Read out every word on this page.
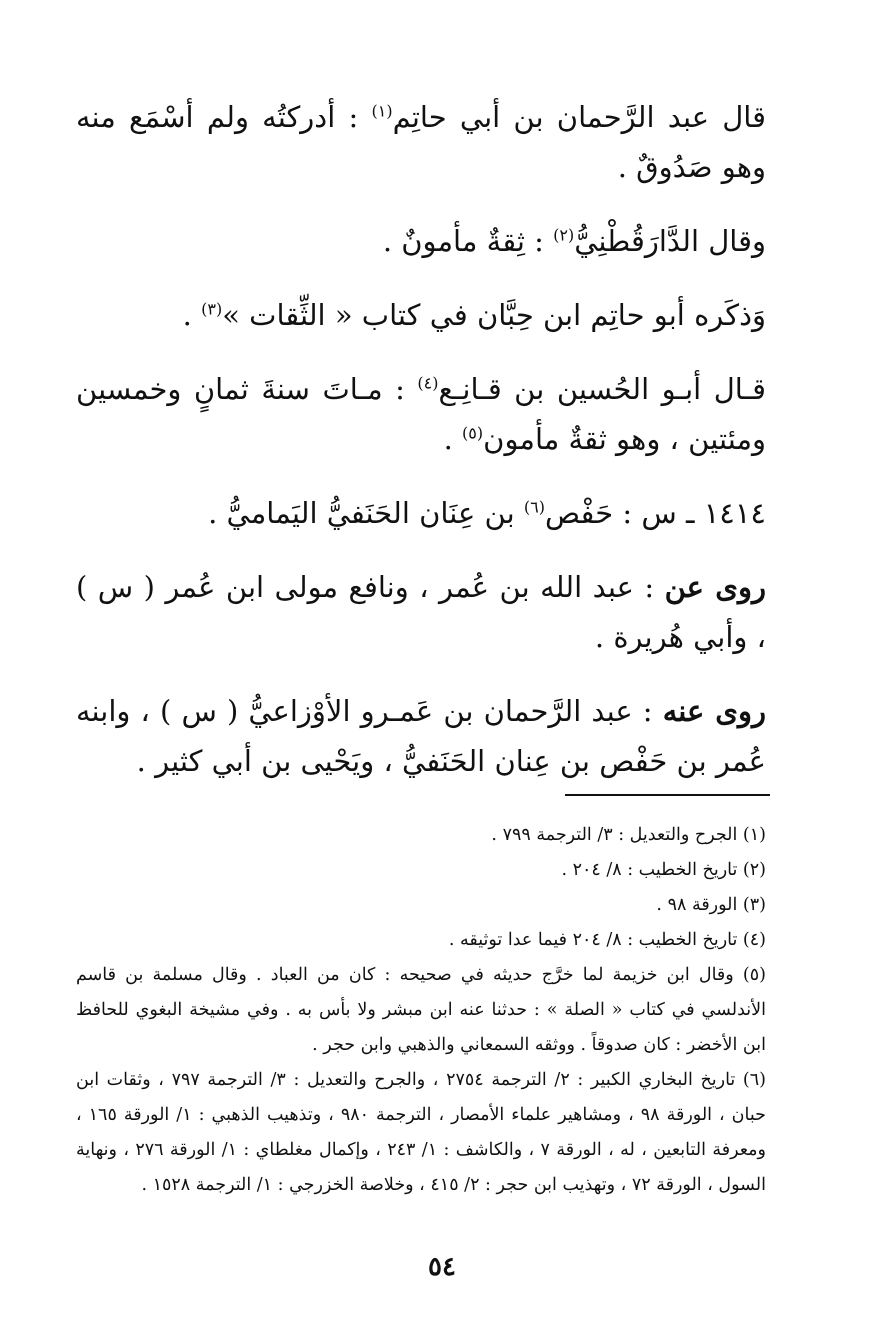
قال عبد الرَّحمان بن أبي حاتِم$^{(١)}$ : أدركتُه ولم أسْمَع منه وهو صَدُوقٌ .

وقال الدَّارَقُطْنِيُّ$^{(٢)}$ : ثِقةٌ مأمونٌ .

وَذكَره أبو حاتِم ابن حِبَّان في كتاب « الثِّقات »$^{(٣)}$ .

قـال أبـو الحُسين بن قـانِـع$^{(٤)}$ : مـاتَ سنةَ ثمانٍ وخمسين ومئتين ، وهو ثقةٌ مأمون$^{(٥)}$ .

١٤١٤ ـ س : حَفْص$^{(٦)}$ بن عِنَان الحَنَفيُّ اليَماميُّ .

روى عن : عبد الله بن عُمر ، ونافع مولى ابن عُمر ( س ) ، وأبي هُريرة .

روى عنه : عبد الرَّحمان بن عَمـرو الأوْزاعيُّ ( س ) ، وابنه عُمر بن حَفْص بن عِنان الحَنَفيُّ ، ويَحْيى بن أبي كثير .

(١) الجرح والتعديل : ٣/ الترجمة ٧٩٩ .

(٢) تاريخ الخطيب : ٨/ ٢٠٤ .

(٣) الورقة ٩٨ .

(٤) تاريخ الخطيب : ٨/ ٢٠٤ فيما عدا توثيقه .

(٥) وقال ابن خزيمة لما خرَّج حديثه في صحيحه : كان من العباد . وقال مسلمة بن قاسم الأندلسي في كتاب « الصلة » : حدثنا عنه ابن مبشر ولا بأس به . وفي مشيخة البغوي للحافظ ابن الأخضر : كان صدوقاً . ووثقه السمعاني والذهبي وابن حجر .

(٦) تاريخ البخاري الكبير : ٢/ الترجمة ٢٧٥٤ ، والجرح والتعديل : ٣/ الترجمة ٧٩٧ ، وثقات ابن حبان ، الورقة ٩٨ ، ومشاهير علماء الأمصار ، الترجمة ٩٨٠ ، وتذهيب الذهبي : ١/ الورقة ١٦٥ ، ومعرفة التابعين ، له ، الورقة ٧ ، والكاشف : ١/ ٢٤٣ ، وإكمال مغلطاي : ١/ الورقة ٢٧٦ ، ونهاية السول ، الورقة ٧٢ ، وتهذيب ابن حجر : ٢/ ٤١٥ ، وخلاصة الخزرجي : ١/ الترجمة ١٥٢٨ .

٥٤
